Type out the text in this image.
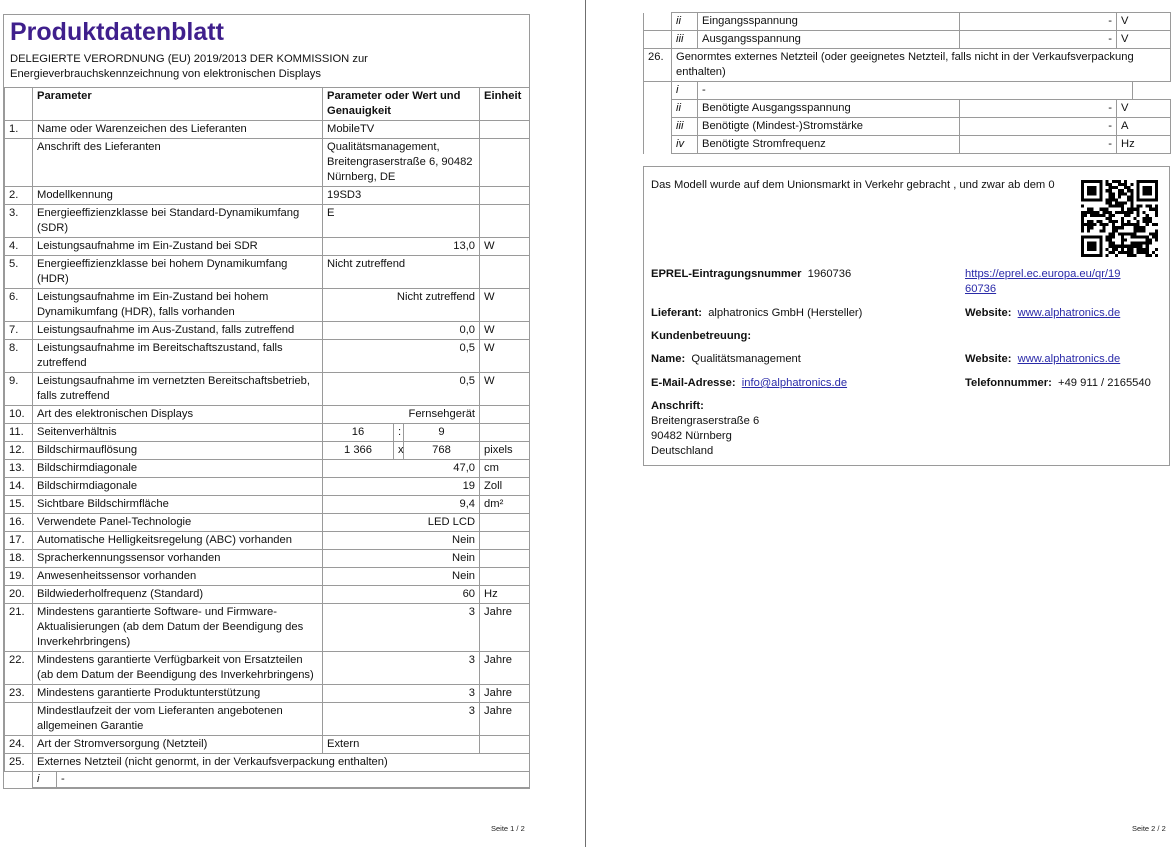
Produktdatenblatt
DELEGIERTE VERORDNUNG (EU) 2019/2013 DER KOMMISSION zur
Energieverbrauchskennzeichnung von elektronischen Displays
	Parameter	Parameter oder Wert und Genauigkeit			Einheit
1.	Name oder Warenzeichen des Lieferanten	MobileTV			
	Anschrift des Lieferanten	Qualitätsmanagement, Breitengraserstraße 6, 90482 Nürnberg, DE			
2.	Modellkennung	19SD3			
3.	Energieeffizienzklasse bei Standard-Dynamikumfang (SDR)	E			
4.	Leistungsaufnahme im Ein-Zustand bei SDR	13,0			W
5.	Energieeffizienzklasse bei hohem Dynamikumfang (HDR)	Nicht zutreffend			
6.	Leistungsaufnahme im Ein-Zustand bei hohem Dynamikumfang (HDR), falls vorhanden	Nicht zutreffend			W
7.	Leistungsaufnahme im Aus-Zustand, falls zutreffend	0,0			W
8.	Leistungsaufnahme im Bereitschaftszustand, falls zutreffend	0,5			W
9.	Leistungsaufnahme im vernetzten Bereitschaftsbetrieb, falls zutreffend	0,5			W
10.	Art des elektronischen Displays	Fernsehgerät			
11.	Seitenverhältnis	16	:	9	
12.	Bildschirmauflösung	1 366	x	768	pixels
13.	Bildschirmdiagonale	47,0			cm
14.	Bildschirmdiagonale	19			Zoll
15.	Sichtbare Bildschirmfläche	9,4			dm²
16.	Verwendete Panel-Technologie	LED LCD			
17.	Automatische Helligkeitsregelung (ABC) vorhanden	Nein			
18.	Spracherkennungssensor vorhanden	Nein			
19.	Anwesenheitssensor vorhanden	Nein			
20.	Bildwiederholfrequenz (Standard)	60			Hz
21.	Mindestens garantierte Software- und Firmware-Aktualisierungen (ab dem Datum der Beendigung des Inverkehrbringens)	3			Jahre
22.	Mindestens garantierte Verfügbarkeit von Ersatzteilen (ab dem Datum der Beendigung des Inverkehrbringens)	3			Jahre
23.	Mindestens garantierte Produktunterstützung	3			Jahre
	Mindestlaufzeit der vom Lieferanten angebotenen allgemeinen Garantie	3			Jahre
24.	Art der Stromversorgung (Netzteil)	Extern			
25.	Externes Netzteil (nicht genormt, in der Verkaufsverpackung enthalten)				
	i -				
Seite 1 / 2
	ii	Eingangsspannung	-	V
	iii	Ausgangsspannung	-	V
26.	Genormtes externes Netzteil (oder geeignetes Netzteil, falls nicht in der Verkaufsverpackung enthalten)			
	i	-		
	ii	Benötigte Ausgangsspannung	-	V
	iii	Benötigte (Mindest-)Stromstärke	-	A
	iv	Benötigte Stromfrequenz	-	Hz
Das Modell wurde auf dem Unionsmarkt in Verkehr gebracht , und zwar ab dem 0
EPREL-Eintragungsnummer 1960736	https://eprel.ec.europa.eu/qr/19
60736
Lieferant: alphatronics GmbH (Hersteller)	Website: www.alphatronics.de
Kundenbetreuung:
Name: Qualitätsmanagement	Website: www.alphatronics.de
E-Mail-Adresse: info@alphatronics.de	Telefonnummer: +49 911 / 2165540
Anschrift:
Breitengraserstraße 6
90482 Nürnberg
Deutschland
Seite 2 / 2
